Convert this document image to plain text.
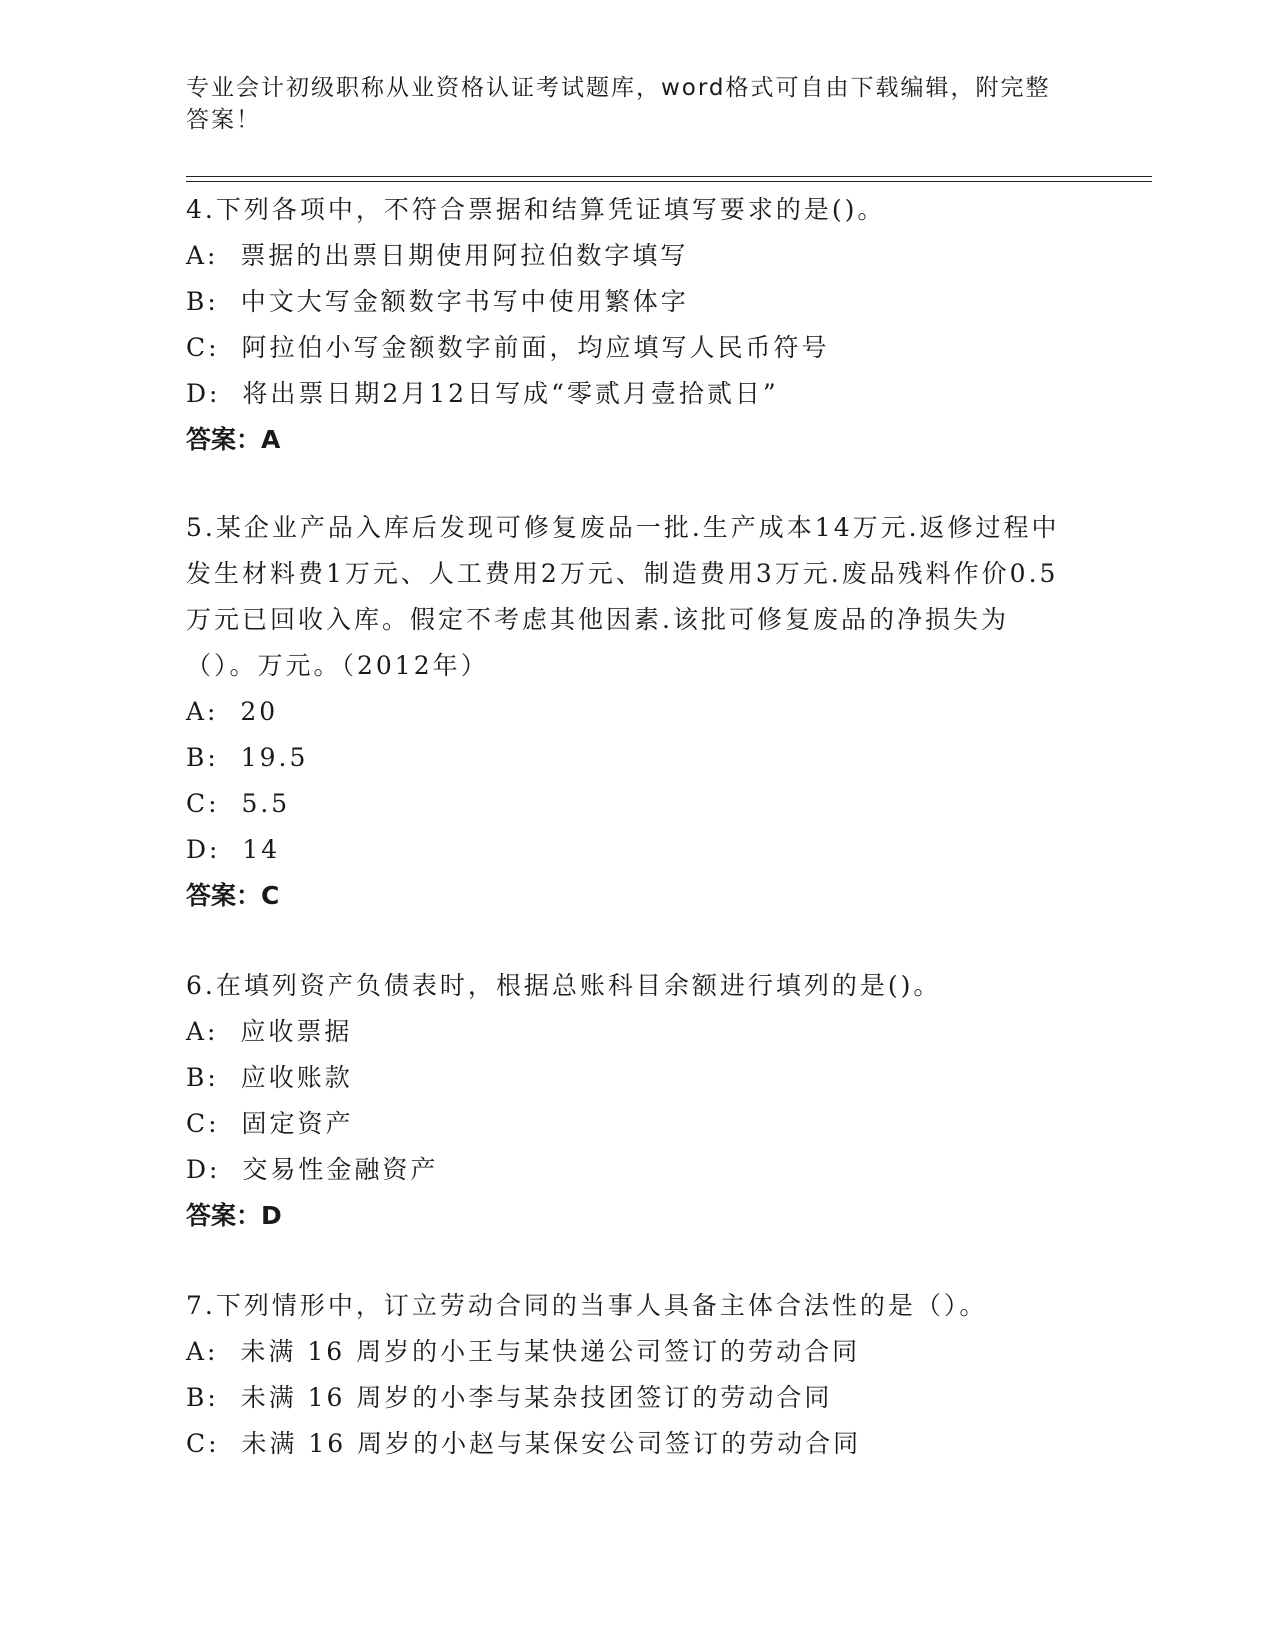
专业会计初级职称从业资格认证考试题库，word格式可自由下载编辑，附完整答案！

4.下列各项中，不符合票据和结算凭证填写要求的是()。

A:  票据的出票日期使用阿拉伯数字填写

B:  中文大写金额数字书写中使用繁体字

C:  阿拉伯小写金额数字前面，均应填写人民币符号

D:  将出票日期2月12日写成“零贰月壹拾贰日”

答案：A

5.某企业产品入库后发现可修复废品一批.生产成本14万元.返修过程中发生材料费1万元、人工费用2万元、制造费用3万元.废品残料作价0.5万元已回收入库。假定不考虑其他因素.该批可修复废品的净损失为（）。万元。（2012年）

A:  20

B:  19.5

C:  5.5

D:  14

答案：C

6.在填列资产负债表时，根据总账科目余额进行填列的是()。

A:  应收票据

B:  应收账款

C:  固定资产

D:  交易性金融资产

答案：D

7.下列情形中，订立劳动合同的当事人具备主体合法性的是（）。

A:  未满 16 周岁的小王与某快递公司签订的劳动合同

B:  未满 16 周岁的小李与某杂技团签订的劳动合同

C:  未满 16 周岁的小赵与某保安公司签订的劳动合同
